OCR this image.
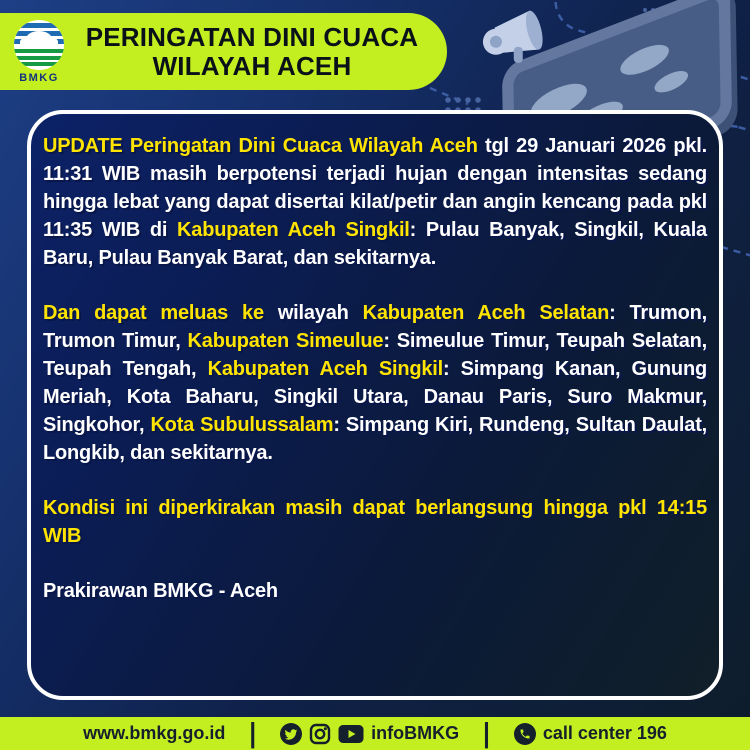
BMKG
PERINGATAN DINI CUACA
WILAYAH ACEH

UPDATE Peringatan Dini Cuaca Wilayah Aceh tgl 29 Januari 2026 pkl. 11:31 WIB masih berpotensi terjadi hujan dengan intensitas sedang hingga lebat yang dapat disertai kilat/petir dan angin kencang pada pkl 11:35 WIB di Kabupaten Aceh Singkil: Pulau Banyak, Singkil, Kuala Baru, Pulau Banyak Barat, dan sekitarnya.

Dan dapat meluas ke wilayah Kabupaten Aceh Selatan: Trumon, Trumon Timur, Kabupaten Simeulue: Simeulue Timur, Teupah Selatan, Teupah Tengah, Kabupaten Aceh Singkil: Simpang Kanan, Gunung Meriah, Kota Baharu, Singkil Utara, Danau Paris, Suro Makmur, Singkohor, Kota Subulussalam: Simpang Kiri, Rundeng, Sultan Daulat, Longkib, dan sekitarnya.

Kondisi ini diperkirakan masih dapat berlangsung hingga pkl 14:15 WIB

Prakirawan BMKG - Aceh

www.bmkg.go.id |	infoBMKG |	call center 196
